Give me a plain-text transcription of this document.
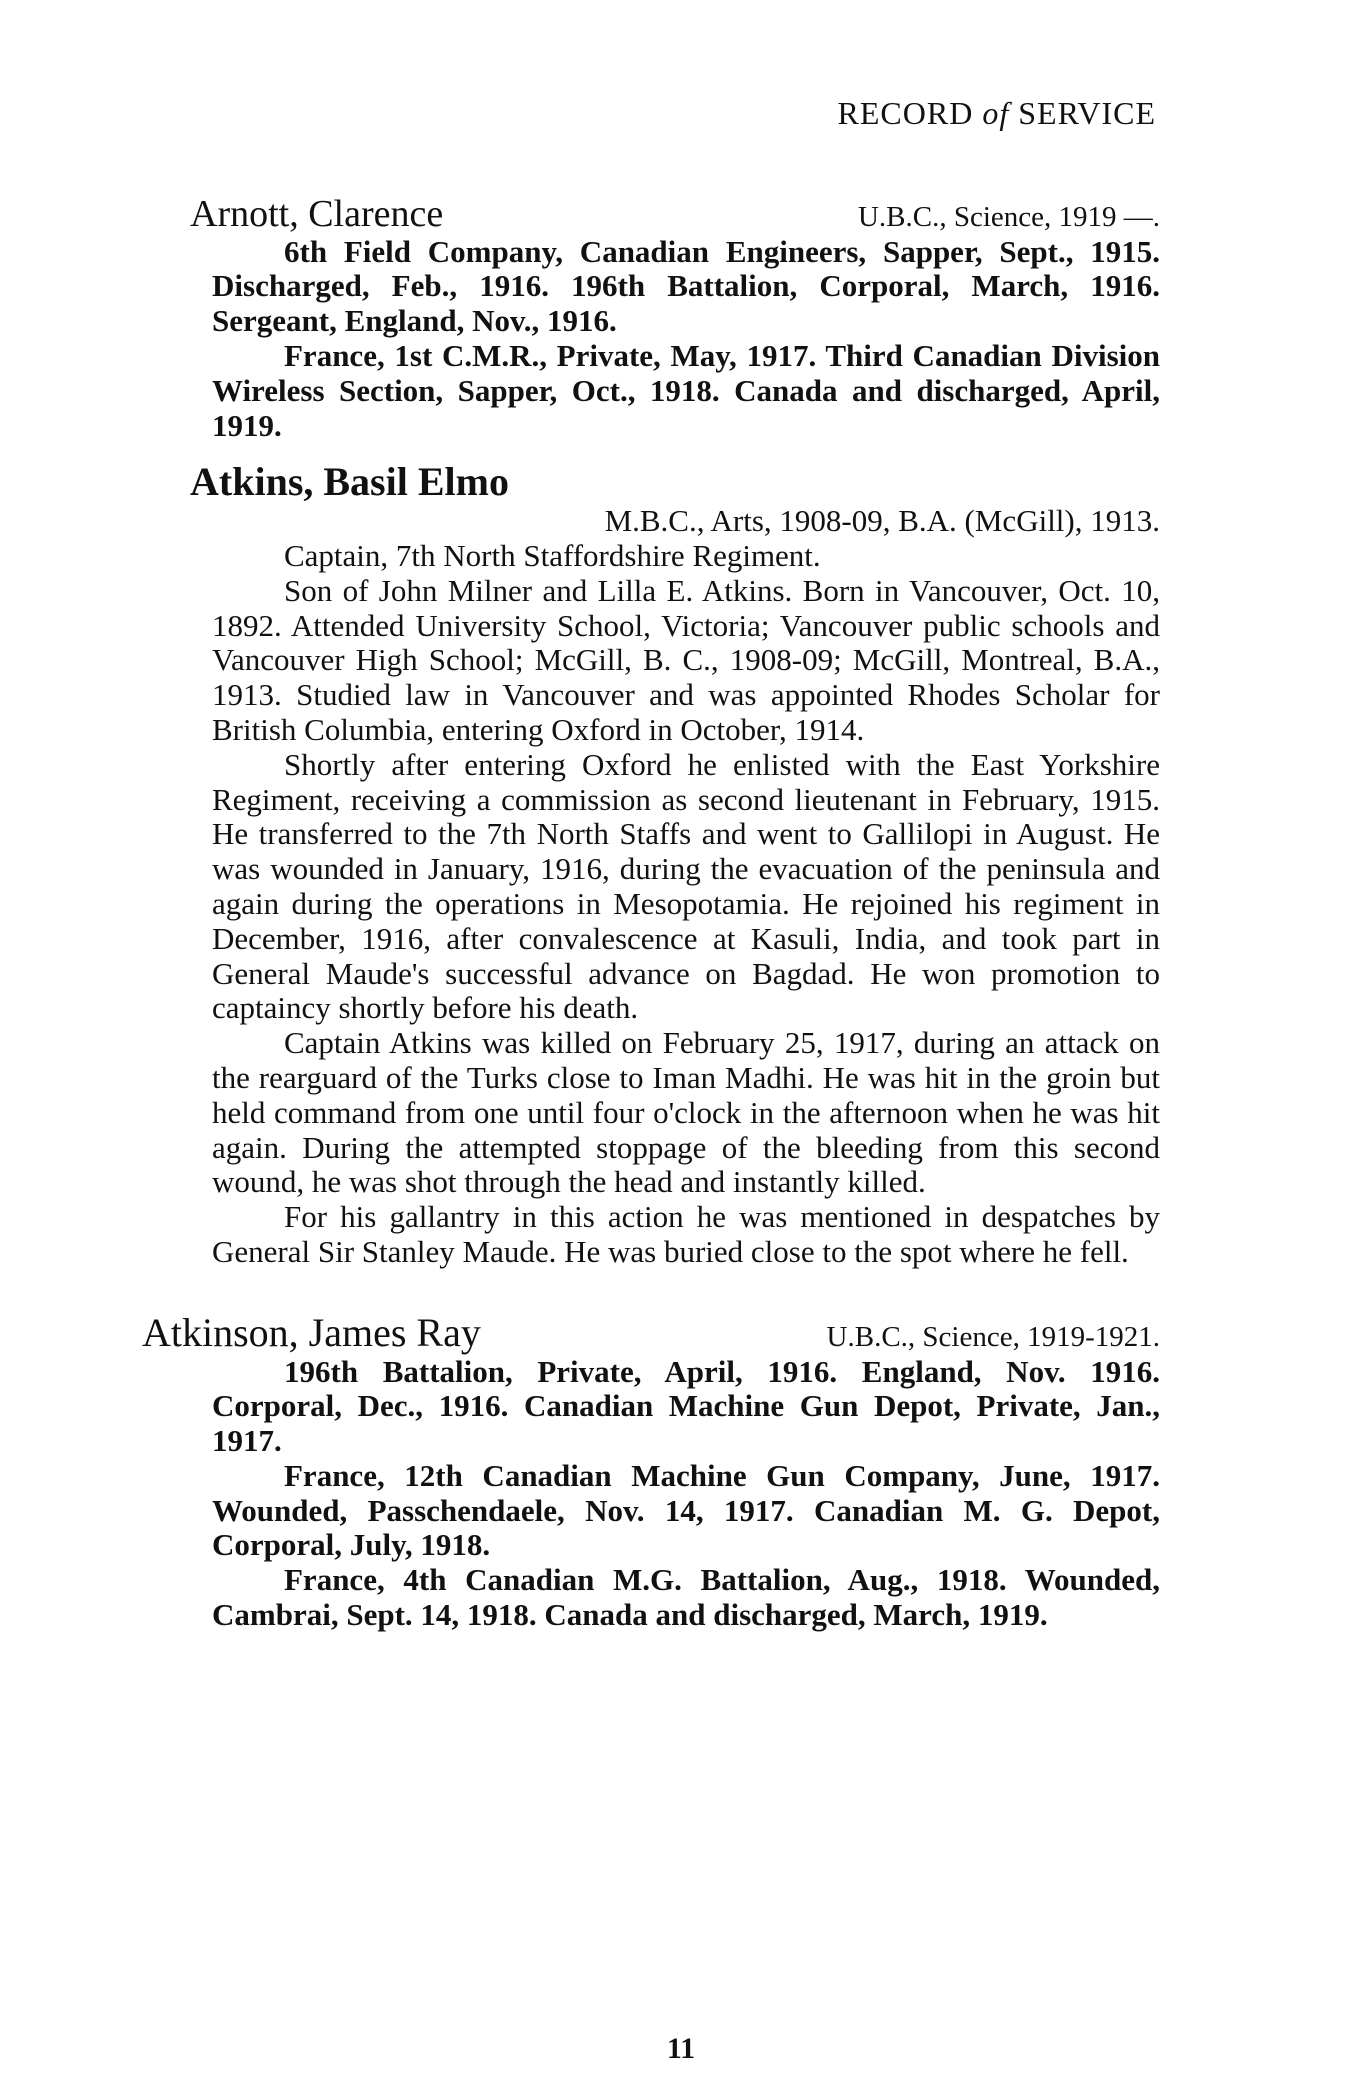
RECORD of SERVICE
Arnott, Clarence	U.B.C., Science, 1919 —.

6th Field Company, Canadian Engineers, Sapper, Sept., 1915. Discharged, Feb., 1916. 196th Battalion, Corporal, March, 1916. Sergeant, England, Nov., 1916.

France, 1st C.M.R., Private, May, 1917. Third Canadian Division Wireless Section, Sapper, Oct., 1918. Canada and discharged, April, 1919.

Atkins, Basil Elmo
M.B.C., Arts, 1908-09, B.A. (McGill), 1913.

Captain, 7th North Staffordshire Regiment.

Son of John Milner and Lilla E. Atkins. Born in Vancouver, Oct. 10, 1892. Attended University School, Victoria; Vancouver public schools and Vancouver High School; McGill, B. C., 1908-09; McGill, Montreal, B.A., 1913. Studied law in Vancouver and was appointed Rhodes Scholar for British Columbia, entering Oxford in October, 1914.

Shortly after entering Oxford he enlisted with the East Yorkshire Regiment, receiving a commission as second lieutenant in February, 1915. He transferred to the 7th North Staffs and went to Gallilopi in August. He was wounded in January, 1916, during the evacuation of the peninsula and again during the operations in Mesopotamia. He rejoined his regiment in December, 1916, after convalescence at Kasuli, India, and took part in General Maude's successful advance on Bagdad. He won promotion to captaincy shortly before his death.

Captain Atkins was killed on February 25, 1917, during an attack on the rearguard of the Turks close to Iman Madhi. He was hit in the groin but held command from one until four o'clock in the afternoon when he was hit again. During the attempted stoppage of the bleeding from this second wound, he was shot through the head and instantly killed.

For his gallantry in this action he was mentioned in despatches by General Sir Stanley Maude. He was buried close to the spot where he fell.

Atkinson, James Ray	U.B.C., Science, 1919-1921.

196th Battalion, Private, April, 1916. England, Nov. 1916. Corporal, Dec., 1916. Canadian Machine Gun Depot, Private, Jan., 1917.

France, 12th Canadian Machine Gun Company, June, 1917. Wounded, Passchendaele, Nov. 14, 1917. Canadian M. G. Depot, Corporal, July, 1918.

France, 4th Canadian M.G. Battalion, Aug., 1918. Wounded, Cambrai, Sept. 14, 1918. Canada and discharged, March, 1919.

11
